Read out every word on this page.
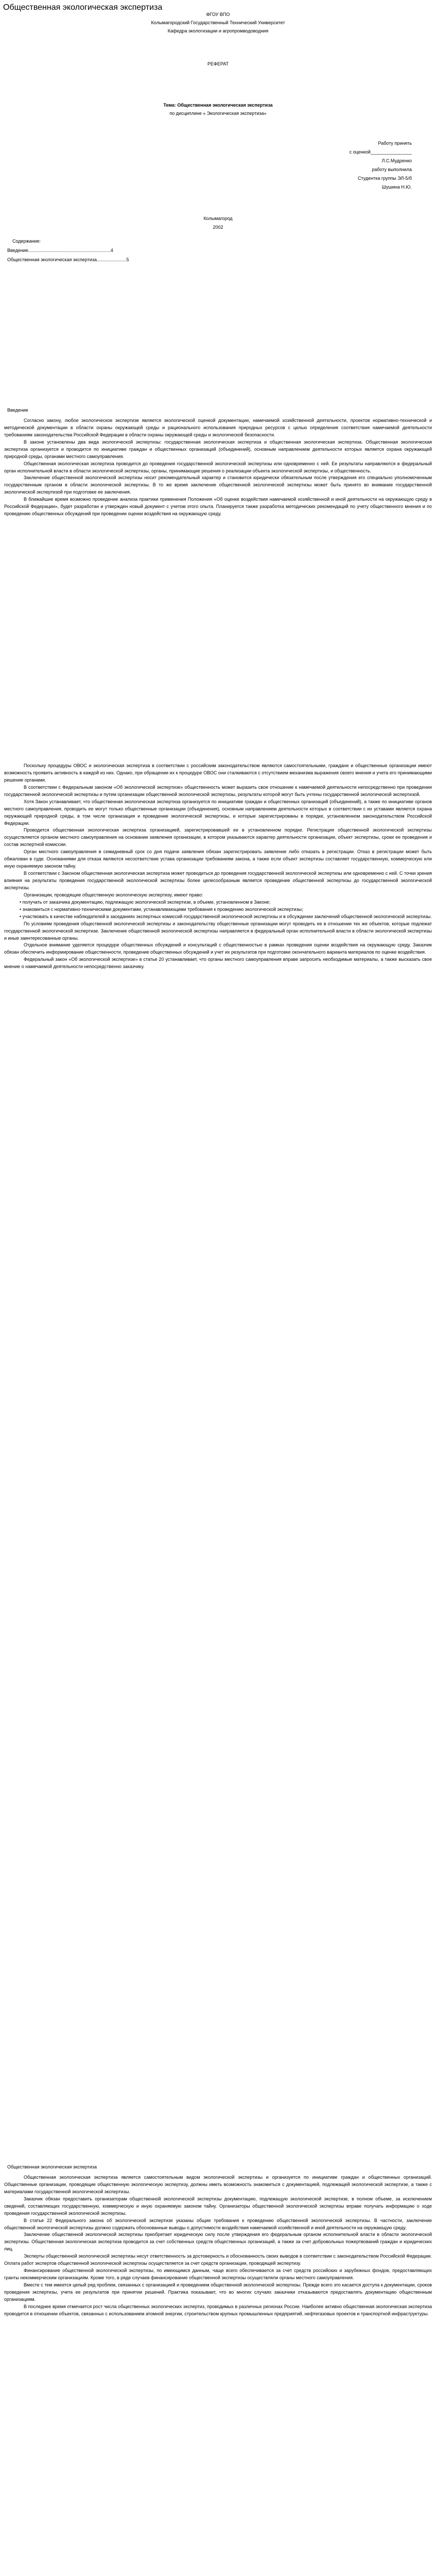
Общественная экологическая экспертиза

ФГОУ ВПО

Колымагородский Государственный Технический Университет

Кафедра экологизации и агропромводоводния

РЕФЕРАТ

Тема: Общественная экологическая экспертиза

по дисциплине « Экологическая экспертиза»

Работу принять

с оценкой________________

Л.С.Мудренко

работу выполнила

Студентка группы ЭЛ-5/б

Шушина Н.Ю.

Колымагород

2002

Содержание:

Введение................................................................4

Общественная экологическая экспертиза.......................5

Введение

Согласно закону, любое экологическое экспертизе является экологической оценкой документации, намечаемой хозяйственной деятельности, проектов нормативно-технической и методической документации в области охраны окружающей среды и рационального использования природных ресурсов с целью определения соответствия намечаемой деятельности требованиям законодательства Российской Федерации в области охраны окружающей среды и экологической безопасности.

В законе установлены два вида экологической экспертизы: государственная экологическая экспертиза и общественная экологическая экспертиза. Общественная экологическая экспертиза организуется и проводится по инициативе граждан и общественных организаций (объединений), основным направлением деятельности которых является охрана окружающей природной среды, органами местного самоуправления.

Общественная экологическая экспертиза проводится до проведения государственной экологической экспертизы или одновременно с ней. Ее результаты направляются в федеральный орган исполнительной власти в области экологической экспертизы, органы, принимающие решения о реализации объекта экологической экспертизы, и общественность.

Заключение общественной экологической экспертизы носит рекомендательный характер и становится юридически обязательным после утверждения его специально уполномоченным государственным органом в области экологической экспертизы. В то же время заключение общественной экологической экспертизы может быть принято во внимание государственной экологической экспертизой при подготовке ее заключения.

В ближайшие время возможно проведение анализа практики применения Положения «Об оценке воздействия намечаемой хозяйственной и иной деятельности на окружающую среду в Российской Федерации», будет разработан и утвержден новый документ с учетом этого опыта. Планируется также разработка методических рекомендаций по учету общественного мнения и по проведению общественных обсуждений при проведении оценки воздействия на окружающую среду.

Поскольку процедуры ОВОС и экологическая экспертиза в соответствии с российским законодательством являются самостоятельными, граждане и общественные организации имеют возможность проявить активность в каждой из них. Однако, при обращении их к процедуре ОВОС они сталкиваются с отсутствием механизма выражения своего мнения и учета его принимающими решение органами.

В соответствии с Федеральным законом «Об экологической экспертизе» общественность может выразить свое отношение к намечаемой деятельности непосредственно при проведении государственной экологической экспертизы и путем организации общественной экологической экспертизы, результаты которой могут быть учтены государственной экологической экспертизой.

Хотя Закон устанавливает, что общественная экологическая экспертиза организуется по инициативе граждан и общественных организаций (объединений), а также по инициативе органов местного самоуправления, проводить ее могут только общественные организации (объединения), основным направлением деятельности которых в соответствии с их уставами является охрана окружающей природной среды, в том числе организация и проведение экологической экспертизы, и которые зарегистрированы в порядке, установленном законодательством Российской Федерации.

Проводится общественная экологическая экспертиза организацией, зарегистрировавшей ее в установленном порядке. Регистрация общественной экологической экспертизы осуществляется органом местного самоуправления на основании заявления организации, в котором указываются характер деятельности организации, объект экспертизы, сроки ее проведения и состав экспертной комиссии.

Орган местного самоуправления в семидневный срок со дня подачи заявления обязан зарегистрировать заявление либо отказать в регистрации. Отказ в регистрации может быть обжалован в суде. Основаниями для отказа являются несоответствие устава организации требованиям закона, а также если объект экспертизы составляет государственную, коммерческую или иную охраняемую законом тайну.

В соответствии с Законом общественная экологическая экспертиза может проводиться до проведения государственной экологической экспертизы или одновременно с ней. С точки зрения влияния на результаты проведения государственной экологической экспертизы более целесообразным является проведение общественной экспертизы до государственной экологической экспертизы.

Организации, проводящие общественную экологическую экспертизу, имеют право:

• получать от заказчика документацию, подлежащую экологической экспертизе, в объеме, установленном в Законе;

• знакомиться с нормативно-техническими документами, устанавливающими требования к проведению экологической экспертизы;

• участвовать в качестве наблюдателей в заседаниях экспертных комиссий государственной экологической экспертизы и в обсуждении заключений общественной экологической экспертизы.

По условиям проведения общественной экологической экспертизы и законодательству общественные организации могут проводить ее в отношении тех же объектов, которые подлежат государственной экологической экспертизе. Заключение общественной экологической экспертизы направляется в федеральный орган исполнительной власти в области экологической экспертизы и иные заинтересованные органы.

Отдельное внимание уделяется процедуре общественных обсуждений и консультаций с общественностью в рамках проведения оценки воздействия на окружающую среду. Заказчик обязан обеспечить информирование общественности, проведение общественных обсуждений и учет их результатов при подготовке окончательного варианта материалов по оценке воздействия.

Федеральный закон «Об экологической экспертизе» в статье 20 устанавливает, что органы местного самоуправления вправе запросить необходимые материалы, а также высказать свое мнение о намечаемой деятельности непосредственно заказчику.

Общественная экологическая экспертиза

Общественная экологическая экспертиза является самостоятельным видом экологической экспертизы и организуется по инициативе граждан и общественных организаций. Общественные организации, проводящие общественную экологическую экспертизу, должны иметь возможность знакомиться с документацией, подлежащей экологической экспертизе, а также с материалами государственной экологической экспертизы.

Заказчик обязан предоставить организаторам общественной экологической экспертизы документацию, подлежащую экологической экспертизе, в полном объеме, за исключением сведений, составляющих государственную, коммерческую и иную охраняемую законом тайну. Организаторы общественной экологической экспертизы вправе получать информацию о ходе проведения государственной экологической экспертизы.

В статье 22 Федерального закона об экологической экспертизе указаны общие требования к проведению общественной экологической экспертизы. В частности, заключение общественной экологической экспертизы должно содержать обоснованные выводы о допустимости воздействия намечаемой хозяйственной и иной деятельности на окружающую среду.

Заключение общественной экологической экспертизы приобретает юридическую силу после утверждения его федеральным органом исполнительной власти в области экологической экспертизы. Общественная экологическая экспертиза проводится за счет собственных средств общественных организаций, а также за счет добровольных пожертвований граждан и юридических лиц.

Эксперты общественной экологической экспертизы несут ответственность за достоверность и обоснованность своих выводов в соответствии с законодательством Российской Федерации. Оплата работ экспертов общественной экологической экспертизы осуществляется за счет средств организации, проводящей экспертизу.

Финансирование общественной экологической экспертизы, по имеющимся данным, чаще всего обеспечивается за счет средств российских и зарубежных фондов, предоставляющих гранты некоммерческим организациям. Кроме того, в ряде случаев финансирование общественной экспертизы осуществляли органы местного самоуправления.

Вместе с тем имеется целый ряд проблем, связанных с организацией и проведением общественной экологической экспертизы. Прежде всего это касается доступа к документации, сроков проведения экспертизы, учета ее результатов при принятии решений. Практика показывает, что во многих случаях заказчики отказываются предоставлять документацию общественным организациям.

В последнее время отмечается рост числа общественных экологических экспертиз, проводимых в различных регионах России. Наиболее активно общественная экологическая экспертиза проводится в отношении объектов, связанных с использованием атомной энергии, строительством крупных промышленных предприятий, нефтегазовых проектов и транспортной инфраструктуры.
